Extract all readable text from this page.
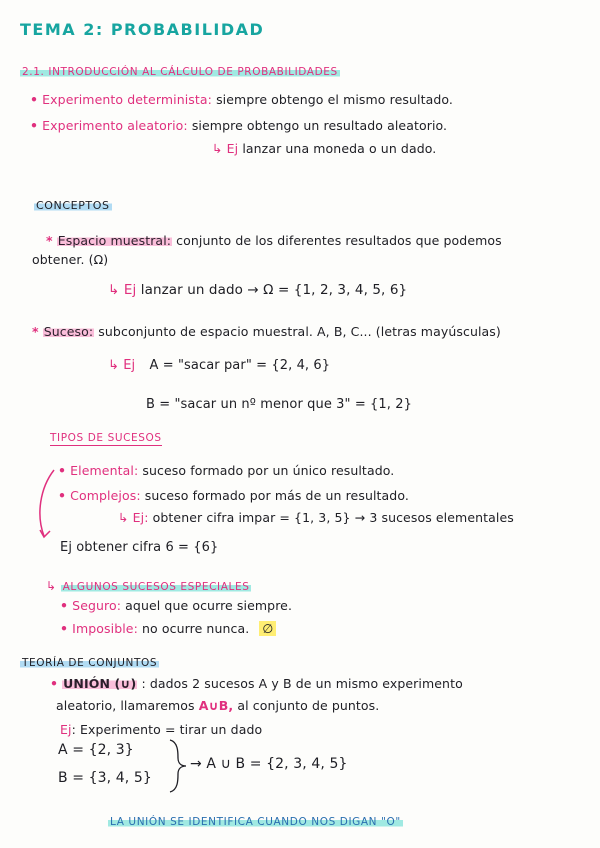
TEMA 2: PROBABILIDAD
2.1. INTRODUCCIÓN AL CÁLCULO DE PROBABILIDADES
• Experimento determinista: siempre obtengo el mismo resultado.
• Experimento aleatorio: siempre obtengo un resultado aleatorio.
↳ Ej lanzar una moneda o un dado.
CONCEPTOS
* Espacio muestral: conjunto de los diferentes resultados que podemos
obtener. (Ω)
↳ Ej lanzar un dado → Ω = {1, 2, 3, 4, 5, 6}
* Suceso: subconjunto de espacio muestral. A, B, C... (letras mayúsculas)
↳ Ej A = "sacar par" = {2, 4, 6}
B = "sacar un nº menor que 3" = {1, 2}
TIPOS DE SUCESOS
• Elemental: suceso formado por un único resultado.
• Complejos: suceso formado por más de un resultado.
↳ Ej: obtener cifra impar = {1, 3, 5} → 3 sucesos elementales
Ej obtener cifra 6 = {6}
↳ ALGUNOS SUCESOS ESPECIALES
• Seguro: aquel que ocurre siempre.
• Imposible: no ocurre nunca. ∅
TEORÍA DE CONJUNTOS
• UNIÓN (∪) : dados 2 sucesos A y B de un mismo experimento
aleatorio, llamaremos A∪B, al conjunto de puntos.
Ej: Experimento = tirar un dado
A = {2, 3}
B = {3, 4, 5}
→ A ∪ B = {2, 3, 4, 5}
LA UNIÓN SE IDENTIFICA CUANDO NOS DIGAN "O"
